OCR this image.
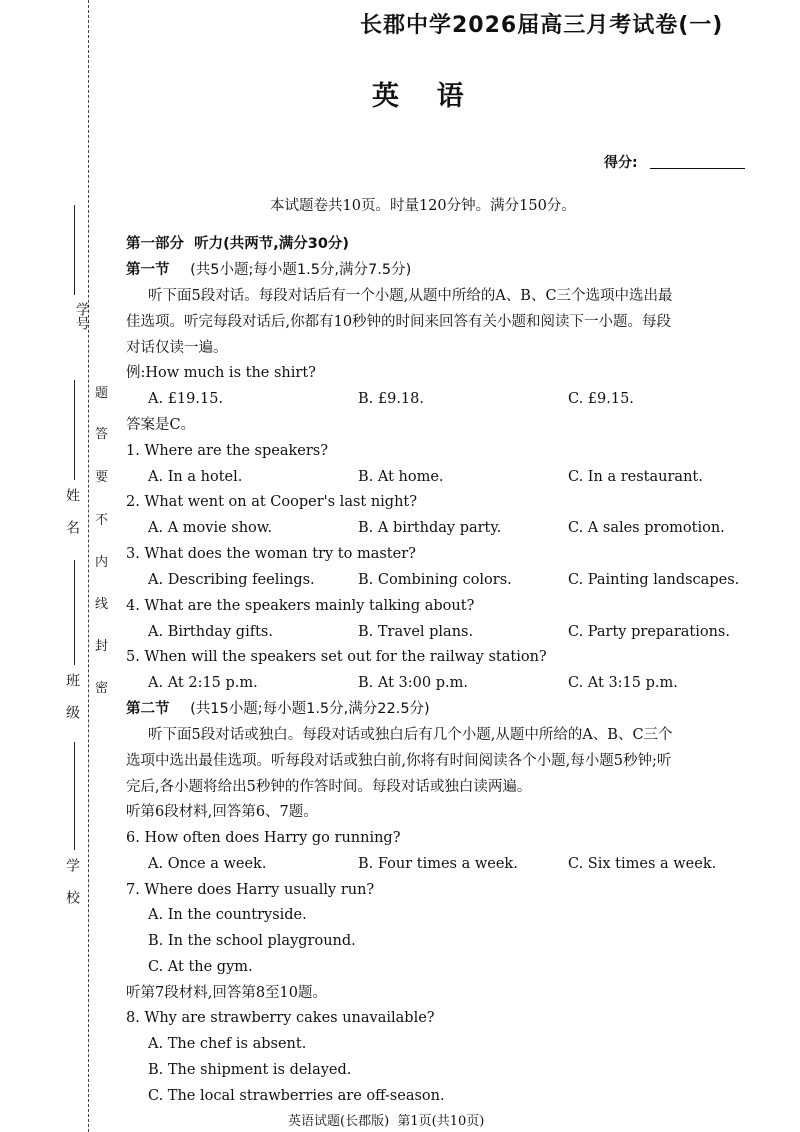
学号
姓名
班级
学校
题
答
要
不
内
线
封
密
长郡中学2026届高三月考试卷(一)
英    语
得分:
本试题卷共10页。时量120分钟。满分150分。
第一部分  听力(共两节,满分30分)
第一节 (共5小题;每小题1.5分,满分7.5分)
听下面5段对话。每段对话后有一个小题,从题中所给的A、B、C三个选项中选出最
佳选项。听完每段对话后,你都有10秒钟的时间来回答有关小题和阅读下一小题。每段
对话仅读一遍。
例:How much is the shirt?
A. £19.15.	B. £9.18.	C. £9.15.
答案是C。
1. Where are the speakers?
A. In a hotel.	B. At home.	C. In a restaurant.
2. What went on at Cooper's last night?
A. A movie show.	B. A birthday party.	C. A sales promotion.
3. What does the woman try to master?
A. Describing feelings.	B. Combining colors.	C. Painting landscapes.
4. What are the speakers mainly talking about?
A. Birthday gifts.	B. Travel plans.	C. Party preparations.
5. When will the speakers set out for the railway station?
A. At 2:15 p.m.	B. At 3:00 p.m.	C. At 3:15 p.m.
第二节 (共15小题;每小题1.5分,满分22.5分)
听下面5段对话或独白。每段对话或独白后有几个小题,从题中所给的A、B、C三个
选项中选出最佳选项。听每段对话或独白前,你将有时间阅读各个小题,每小题5秒钟;听
完后,各小题将给出5秒钟的作答时间。每段对话或独白读两遍。
听第6段材料,回答第6、7题。
6. How often does Harry go running?
A. Once a week.	B. Four times a week.	C. Six times a week.
7. Where does Harry usually run?
A. In the countryside.
B. In the school playground.
C. At the gym.
听第7段材料,回答第8至10题。
8. Why are strawberry cakes unavailable?
A. The chef is absent.
B. The shipment is delayed.
C. The local strawberries are off-season.
英语试题(长郡版)  第1页(共10页)
